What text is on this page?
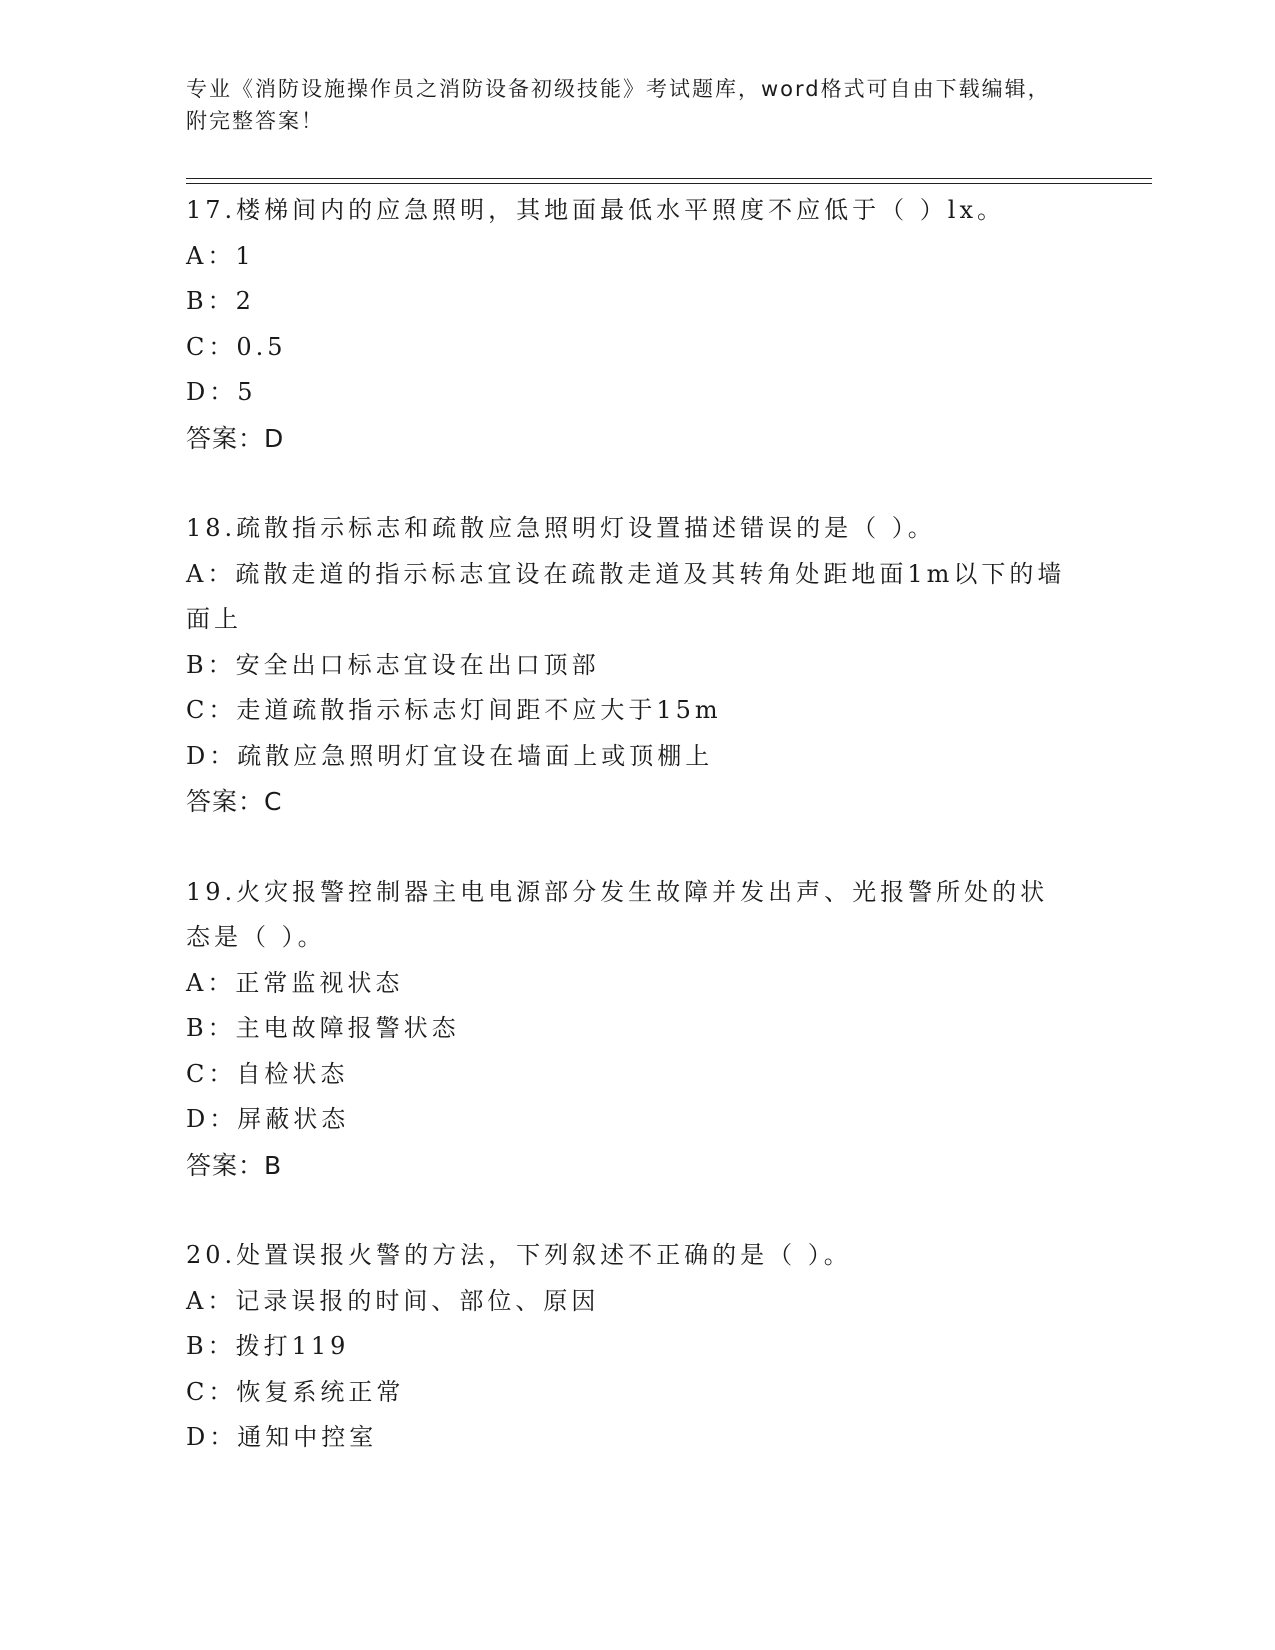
专业《消防设施操作员之消防设备初级技能》考试题库，word格式可自由下载编辑，附完整答案！
17.楼梯间内的应急照明，其地面最低水平照度不应低于（ ）lx。
A：1
B：2
C：0.5
D：5
答案：D
18.疏散指示标志和疏散应急照明灯设置描述错误的是（ ）。
A：疏散走道的指示标志宜设在疏散走道及其转角处距地面1m以下的墙面上
B：安全出口标志宜设在出口顶部
C：走道疏散指示标志灯间距不应大于15m
D：疏散应急照明灯宜设在墙面上或顶棚上
答案：C
19.火灾报警控制器主电电源部分发生故障并发出声、光报警所处的状态是（ ）。
A：正常监视状态
B：主电故障报警状态
C：自检状态
D：屏蔽状态
答案：B
20.处置误报火警的方法，下列叙述不正确的是（ ）。
A：记录误报的时间、部位、原因
B：拨打119
C：恢复系统正常
D：通知中控室
